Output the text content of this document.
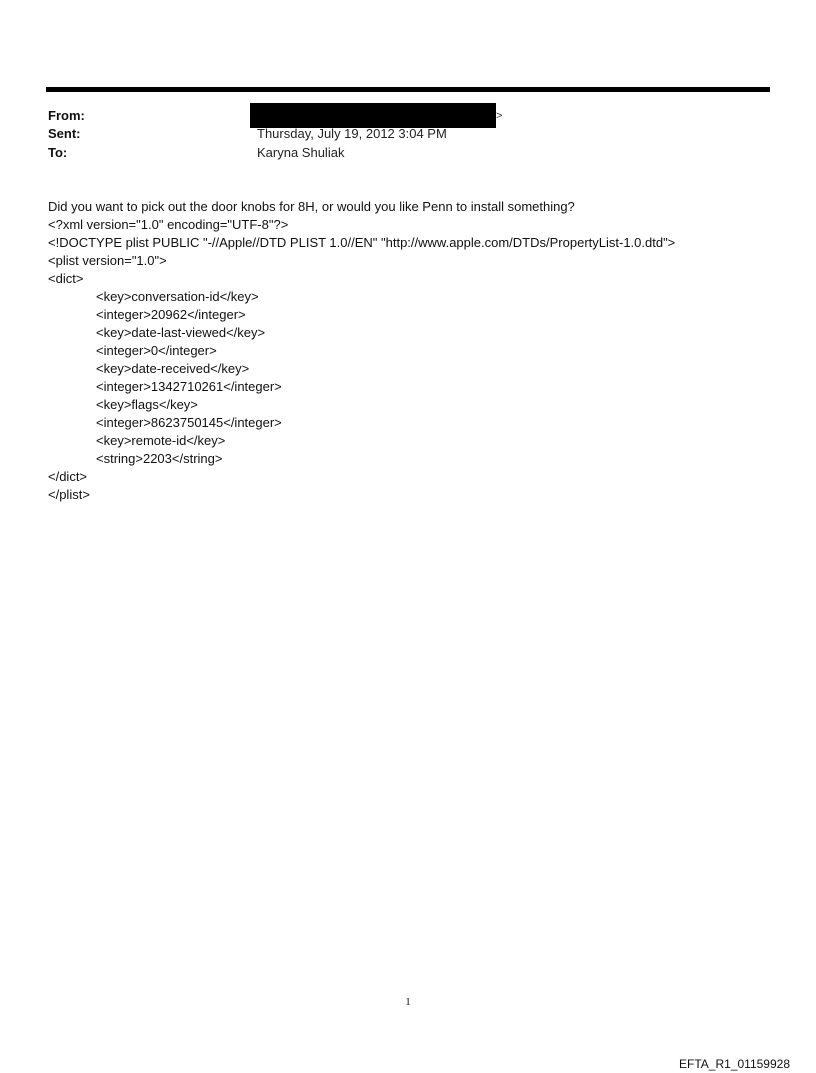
From:	>
Sent:	Thursday, July 19, 2012 3:04 PM
To:	Karyna Shuliak
Did you want to pick out the door knobs for 8H, or would you like Penn to install something?
<?xml version="1.0" encoding="UTF-8"?>
<!DOCTYPE plist PUBLIC "-//Apple//DTD PLIST 1.0//EN" "http://www.apple.com/DTDs/PropertyList-1.0.dtd">
<plist version="1.0">
<dict>
<key>conversation-id</key>
<integer>20962</integer>
<key>date-last-viewed</key>
<integer>0</integer>
<key>date-received</key>
<integer>1342710261</integer>
<key>flags</key>
<integer>8623750145</integer>
<key>remote-id</key>
<string>2203</string>
</dict>
</plist>
1
EFTA_R1_01159928
